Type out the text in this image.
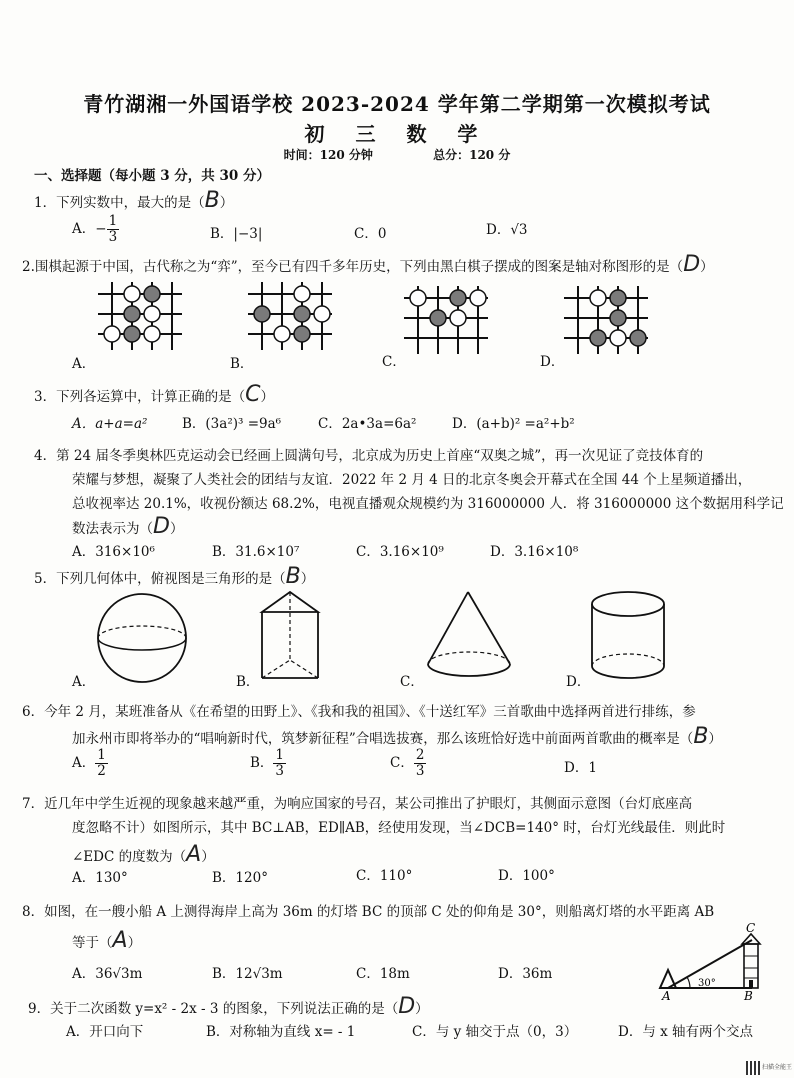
青竹湖湘一外国语学校 2023-2024 学年第二学期第一次模拟考试
初 三 数 学
时间：120 分钟	总分：120 分
一、选择题（每小题 3 分，共 30 分）
1．下列实数中，最大的是（B）
A．− $\frac{1}{3}$	B．|−3|	C．0	D．√3
2.围棋起源于中国，古代称之为“弈”，至今已有四千多年历史，下列由黑白棋子摆成的图案是轴对称图形的是（D）
A．	B．	C．	D．
3．下列各运算中，计算正确的是（C）
A．a+a=a²	B．(3a²)³ =9a⁶	C．2a•3a=6a²	D．(a+b)² =a²+b²
4．第 24 届冬季奥林匹克运动会已经画上圆满句号，北京成为历史上首座“双奥之城”，再一次见证了竞技体育的
荣耀与梦想，凝聚了人类社会的团结与友谊．2022 年 2 月 4 日的北京冬奥会开幕式在全国 44 个上星频道播出，
总收视率达 20.1%，收视份额达 68.2%，电视直播观众规模约为 316000000 人．将 316000000 这个数据用科学记
数法表示为（D）
A．316×10⁶	B．31.6×10⁷	C．3.16×10⁹	D．3.16×10⁸
5．下列几何体中，俯视图是三角形的是（B）
A．	B．	C．	D．
6．今年 2 月，某班准备从《在希望的田野上》、《我和我的祖国》、《十送红军》三首歌曲中选择两首进行排练，参
加永州市即将举办的“唱响新时代，筑梦新征程”合唱选拔赛，那么该班恰好选中前面两首歌曲的概率是（B）
A． $\frac{1}{2}$	B． $\frac{1}{3}$	C． $\frac{2}{3}$	D．1
7．近几年中学生近视的现象越来越严重，为响应国家的号召，某公司推出了护眼灯，其侧面示意图（台灯底座高
度忽略不计）如图所示，其中 BC⊥AB，ED∥AB，经使用发现，当∠DCB=140° 时，台灯光线最佳．则此时
∠EDC 的度数为（A）
A．130°	B．120°	C．110°	D．100°
8．如图，在一艘小船 A 上测得海岸上高为 36m 的灯塔 BC 的顶部 C 处的仰角是 30°，则船离灯塔的水平距离 AB
等于（A）
A．36√3m	B．12√3m	C．18m	D．36m
A	B
C
30°
9．关于二次函数 y=x² - 2x - 3 的图象，下列说法正确的是（D）
A．开口向下	B．对称轴为直线 x= - 1	C．与 y 轴交于点（0，3）	D．与 x 轴有两个交点
扫描全能王
